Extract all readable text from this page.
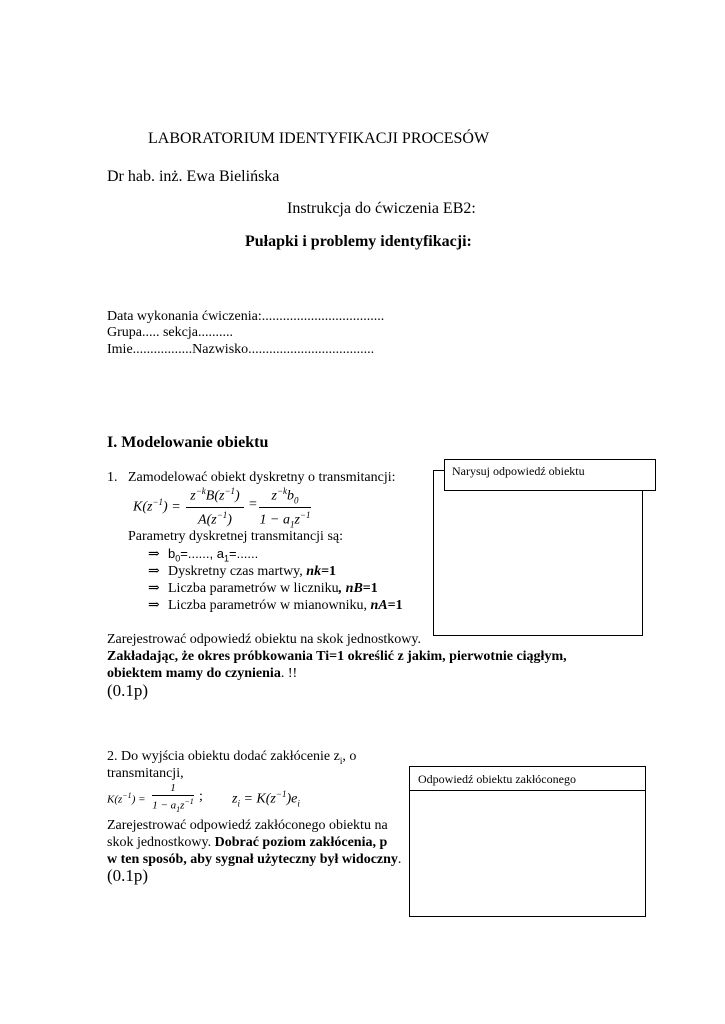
LABORATORIUM IDENTYFIKACJI PROCESÓW
Dr hab. inż. Ewa Bielińska
Instrukcja do ćwiczenia EB2:
Pułapki i problemy identyfikacji:
Data wykonania ćwiczenia:...................................
Grupa..... sekcja..........
Imie.................Nazwisko....................................
I. Modelowanie obiektu
1. Zamodelować obiekt dyskretny o transmitancji:
$K(z^{-1}) = \frac{z^{-k}B(z^{-1})}{A(z^{-1})} = \frac{z^{-k}b_0}{1 - a_1z^{-1}}$
Parametry dyskretnej transmitancji są:
⇒ $b_0=$......, $a_1=$......
⇒ Dyskretny czas martwy, nk=1
⇒ Liczba parametrów w liczniku, nB=1
⇒ Liczba parametrów w mianowniku, nA=1
Zarejestrować odpowiedź obiektu na skok jednostkowy.
Zakładając, że okres próbkowania Ti=1 określić z jakim, pierwotnie ciągłym,
obiektem mamy do czynienia. !!
(0.1p)
Narysuj odpowiedź obiektu
2. Do wyjścia obiektu dodać zakłócenie $z_i$, o
transmitancji,
$K(z^{-1}) = \frac{1}{1 - a_1z^{-1}}$ ; $z_i = K(z^{-1})e_i$
Zarejestrować odpowiedź zakłóconego obiektu na
skok jednostkowy. Dobrać poziom zakłócenia, p
w ten sposób, aby sygnał użyteczny był widoczny.
(0.1p)
Odpowiedź obiektu zakłóconego
